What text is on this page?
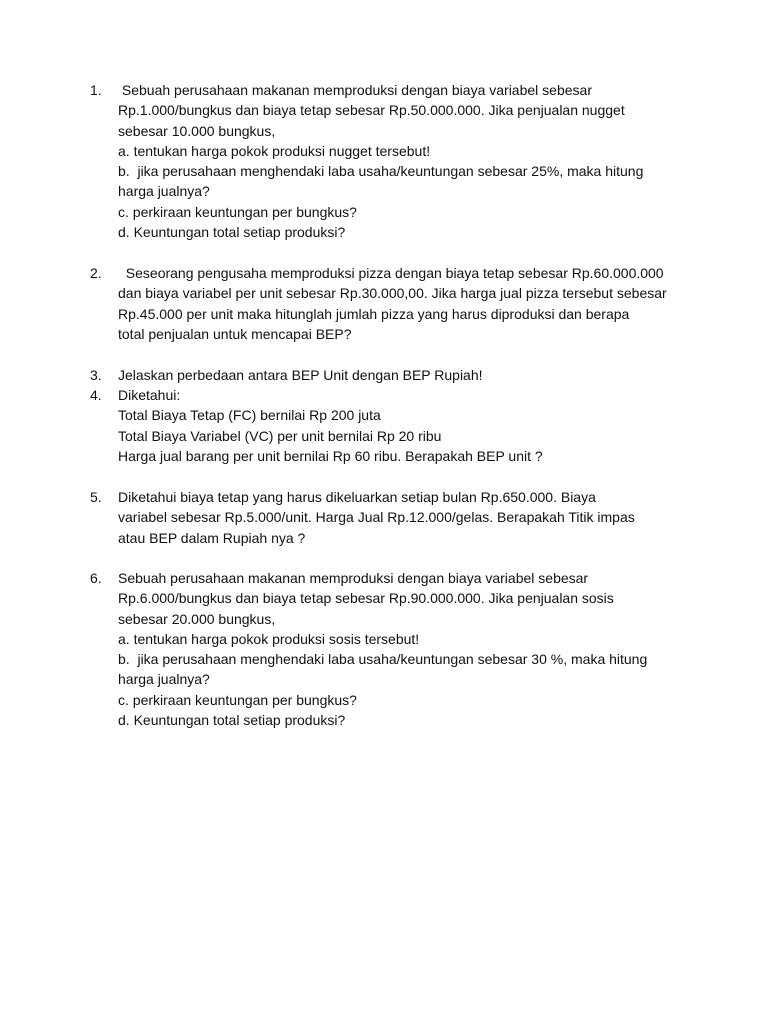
1.	Sebuah perusahaan makanan memproduksi dengan biaya variabel sebesar
Rp.1.000/bungkus dan biaya tetap sebesar Rp.50.000.000. Jika penjualan nugget
sebesar 10.000 bungkus,
a. tentukan harga pokok produksi nugget tersebut!
b.  jika perusahaan menghendaki laba usaha/keuntungan sebesar 25%, maka hitung
harga jualnya?
c. perkiraan keuntungan per bungkus?
d. Keuntungan total setiap produksi?
2.	Seseorang pengusaha memproduksi pizza dengan biaya tetap sebesar Rp.60.000.000
dan biaya variabel per unit sebesar Rp.30.000,00. Jika harga jual pizza tersebut sebesar
Rp.45.000 per unit maka hitunglah jumlah pizza yang harus diproduksi dan berapa
total penjualan untuk mencapai BEP?
3.	Jelaskan perbedaan antara BEP Unit dengan BEP Rupiah!
4.	Diketahui:
Total Biaya Tetap (FC) bernilai Rp 200 juta
Total Biaya Variabel (VC) per unit bernilai Rp 20 ribu
Harga jual barang per unit bernilai Rp 60 ribu. Berapakah BEP unit ?
5.	Diketahui biaya tetap yang harus dikeluarkan setiap bulan Rp.650.000. Biaya
variabel sebesar Rp.5.000/unit. Harga Jual Rp.12.000/gelas. Berapakah Titik impas
atau BEP dalam Rupiah nya ?
6.	Sebuah perusahaan makanan memproduksi dengan biaya variabel sebesar
Rp.6.000/bungkus dan biaya tetap sebesar Rp.90.000.000. Jika penjualan sosis
sebesar 20.000 bungkus,
a. tentukan harga pokok produksi sosis tersebut!
b.  jika perusahaan menghendaki laba usaha/keuntungan sebesar 30 %, maka hitung
harga jualnya?
c. perkiraan keuntungan per bungkus?
d. Keuntungan total setiap produksi?
